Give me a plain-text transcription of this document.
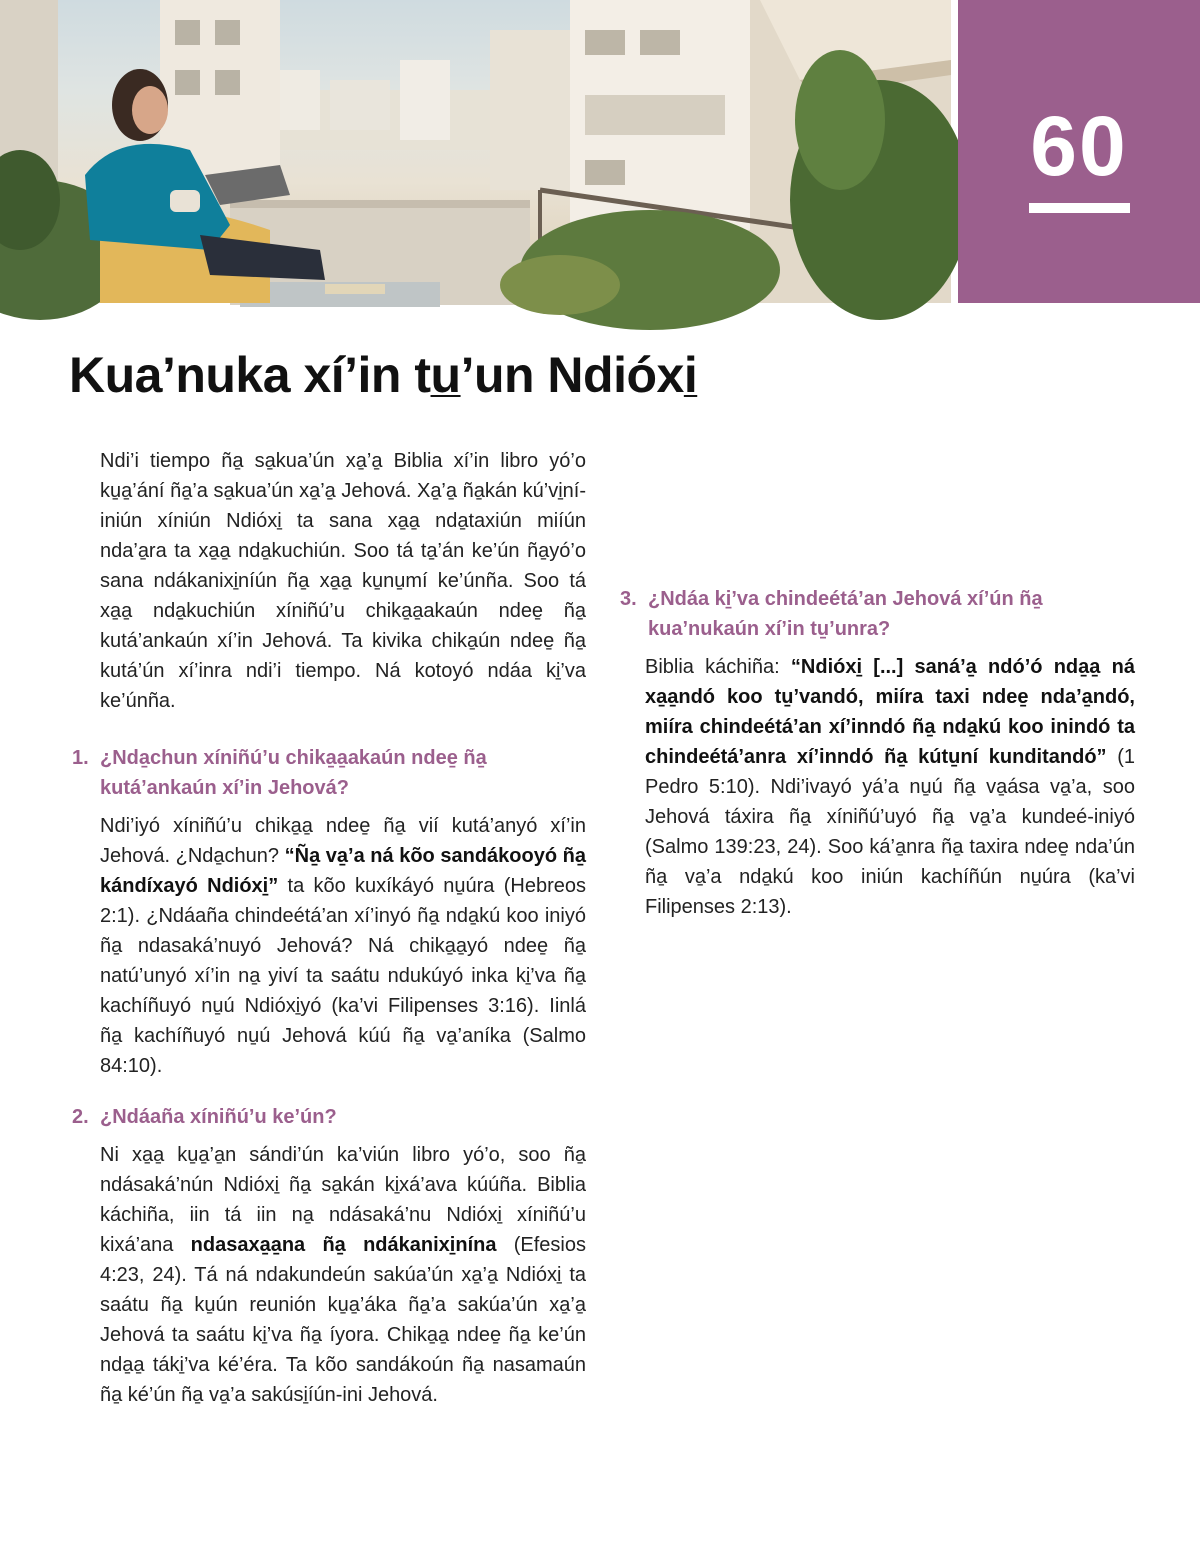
60
Kua’nuka xí’in tu’un Ndióxi

Ndi’i tiempo ña̱ sa̱kua’ún xa̱’a̱ Biblia xí’in libro yó’o ku̱a̱’ání ña̱’a sa̱kua’ún xa̱’a̱ Jehová. Xa̱’a̱ ña̱kán kú’vi̱ní-iniún xíniún Ndióxi̱ ta sana xa̱a̱ nda̱taxiún miíún nda’a̱ra ta xa̱a̱ nda̱kuchiún. Soo tá ta̱’án ke’ún ña̱yó’o sana ndákanixi̱níún ña̱ xa̱a̱ ku̱nu̱mí ke’únña. Soo tá xa̱a̱ nda̱kuchiún xíniñú’u chika̱a̱akaún ndee̱ ña̱ kutá’ankaún xí’in Jehová. Ta kivika chika̱ún ndee̱ ña̱ kutá’ún xí’inra ndi’i tiempo. Ná kotoyó ndáa ki̱’va ke’únña.

1. ¿Nda̱chun xíniñú’u chika̱a̱akaún ndee̱ ña̱ kutá’ankaún xí’in Jehová?

Ndi’iyó xíniñú’u chika̱a̱ ndee̱ ña̱ vií kutá’anyó xí’in Jehová. ¿Nda̱chun? “Ña̱ va̱’a ná kõo sandákooyó ña̱ kándíxayó Ndióxi̱” ta kõo kuxíkáyó nu̱úra (Hebreos 2:1). ¿Ndáaña chindeétá’an xí’inyó ña̱ nda̱kú koo iniyó ña̱ ndasaká’nuyó Jehová? Ná chika̱a̱yó ndee̱ ña̱ natú’unyó xí’in na̱ yiví ta saátu ndukúyó inka ki̱’va ña̱ kachíñuyó nu̱ú Ndióxi̱yó (ka’vi Filipenses 3:16). Iinlá ña̱ kachíñuyó nu̱ú Jehová kúú ña̱ va̱’aníka (Salmo 84:10).

2. ¿Ndáaña xíniñú’u ke’ún?

Ni xa̱a̱ ku̱a̱’a̱n sándi’ún ka’viún libro yó’o, soo ña̱ ndásaká’nún Ndióxi̱ ña̱ sa̱kán ki̱xá’ava kúúña. Biblia káchiña, iin tá iin na̱ ndásaká’nu Ndióxi̱ xíniñú’u kixá’ana ndasaxa̱a̱na ña̱ ndákanixi̱nína (Efesios 4:23, 24). Tá ná ndakundeún sakúa’ún xa̱’a̱ Ndióxi̱ ta saátu ña̱ ku̱ún reunión ku̱a̱’áka ña̱’a sakúa’ún xa̱’a̱ Jehová ta saátu ki̱’va ña̱ íyora. Chika̱a̱ ndee̱ ña̱ ke’ún nda̱a̱ táki̱’va ké’éra. Ta kõo sandákoún ña̱ nasamaún ña̱ ké’ún ña̱ va̱’a sakúsi̱íún-ini Jehová.

3. ¿Ndáa ki̱’va chindeétá’an Jehová xí’ún ña̱ kua’nukaún xí’in tu̱’unra?

Biblia káchiña: “Ndióxi̱ [...] saná’a̱ ndó’ó nda̱a̱ ná xa̱a̱ndó koo tu̱’vandó, miíra taxi ndee̱ nda’a̱ndó, miíra chindeétá’an xí’inndó ña̱ nda̱kú koo inindó ta chindeétá’anra xí’inndó ña̱ kútu̱ní kunditandó” (1 Pedro 5:10). Ndi’ivayó yá’a nu̱ú ña̱ va̱ása va̱’a, soo Jehová táxira ña̱ xíniñú’uyó ña̱ va̱’a kundeé-iniyó (Salmo 139:23, 24). Soo ká’a̱nra ña̱ taxira ndee̱ nda’ún ña̱ va̱’a nda̱kú koo iniún kachíñún nu̱úra (ka’vi Filipenses 2:13).
